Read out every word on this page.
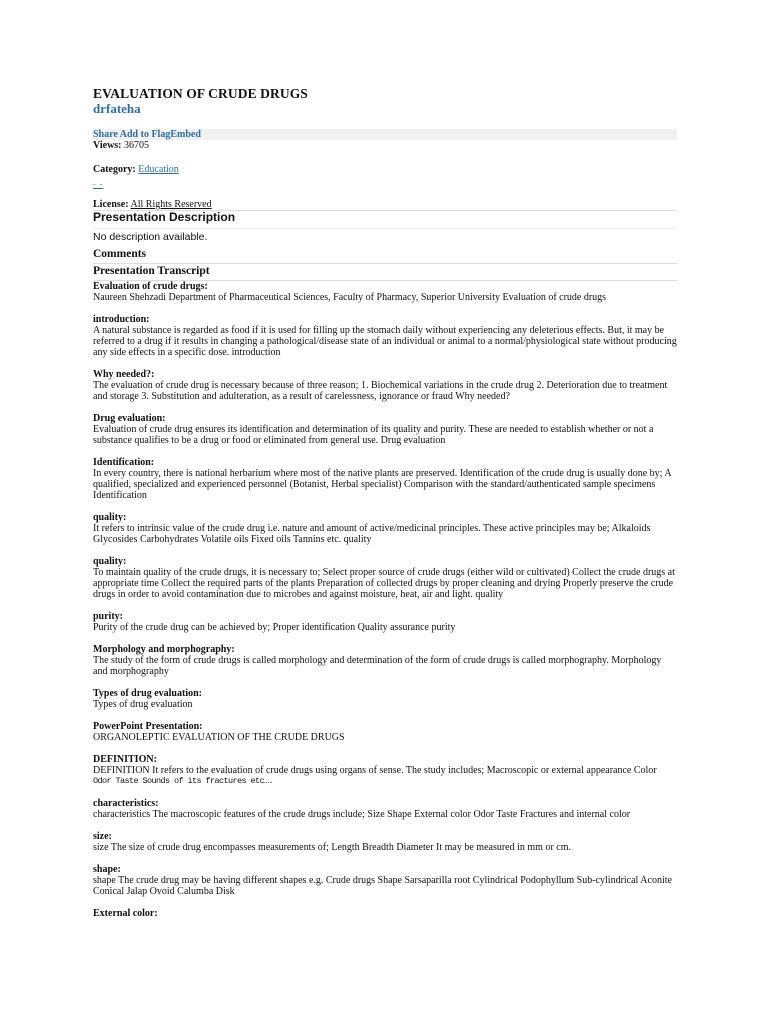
EVALUATION OF CRUDE DRUGS
drfateha
Share Add to FlagEmbed
Views: 36705
Category: Education
- -
License: All Rights Reserved
Presentation Description
No description available.
Comments
Presentation Transcript
Evaluation of crude drugs:
Naureen Shehzadi Department of Pharmaceutical Sciences, Faculty of Pharmacy, Superior University Evaluation of crude drugs
introduction:
A natural substance is regarded as food if it is used for filling up the stomach daily without experiencing any deleterious effects. But, it may be referred to a drug if it results in changing a pathological/disease state of an individual or animal to a normal/physiological state without producing any side effects in a specific dose. introduction
Why needed?:
The evaluation of crude drug is necessary because of three reason; 1. Biochemical variations in the crude drug 2. Deterioration due to treatment and storage 3. Substitution and adulteration, as a result of carelessness, ignorance or fraud Why needed?
Drug evaluation:
Evaluation of crude drug ensures its identification and determination of its quality and purity. These are needed to establish whether or not a substance qualifies to be a drug or food or eliminated from general use. Drug evaluation
Identification:
In every country, there is national herbarium where most of the native plants are preserved. Identification of the crude drug is usually done by; A qualified, specialized and experienced personnel (Botanist, Herbal specialist) Comparison with the standard/authenticated sample specimens Identification
quality:
It refers to intrinsic value of the crude drug i.e. nature and amount of active/medicinal principles. These active principles may be; Alkaloids Glycosides Carbohydrates Volatile oils Fixed oils Tannins etc. quality
quality:
To maintain quality of the crude drugs, it is necessary to; Select proper source of crude drugs (either wild or cultivated) Collect the crude drugs at appropriate time Collect the required parts of the plants Preparation of collected drugs by proper cleaning and drying Properly preserve the crude drugs in order to avoid contamination due to microbes and against moisture, heat, air and light. quality
purity:
Purity of the crude drug can be achieved by; Proper identification Quality assurance purity
Morphology and morphography:
The study of the form of crude drugs is called morphology and determination of the form of crude drugs is called morphography. Morphology and morphography
Types of drug evaluation:
Types of drug evaluation
PowerPoint Presentation:
ORGANOLEPTIC EVALUATION OF THE CRUDE DRUGS
DEFINITION:
DEFINITION It refers to the evaluation of crude drugs using organs of sense. The study includes; Macroscopic or external appearance Color
Odor Taste Sounds of its fractures etc….
characteristics:
characteristics The macroscopic features of the crude drugs include; Size Shape External color Odor Taste Fractures and internal color
size:
size The size of crude drug encompasses measurements of; Length Breadth Diameter It may be measured in mm or cm.
shape:
shape The crude drug may be having different shapes e.g. Crude drugs Shape Sarsaparilla root Cylindrical Podophyllum Sub-cylindrical Aconite Conical Jalap Ovoid Calumba Disk
External color:
